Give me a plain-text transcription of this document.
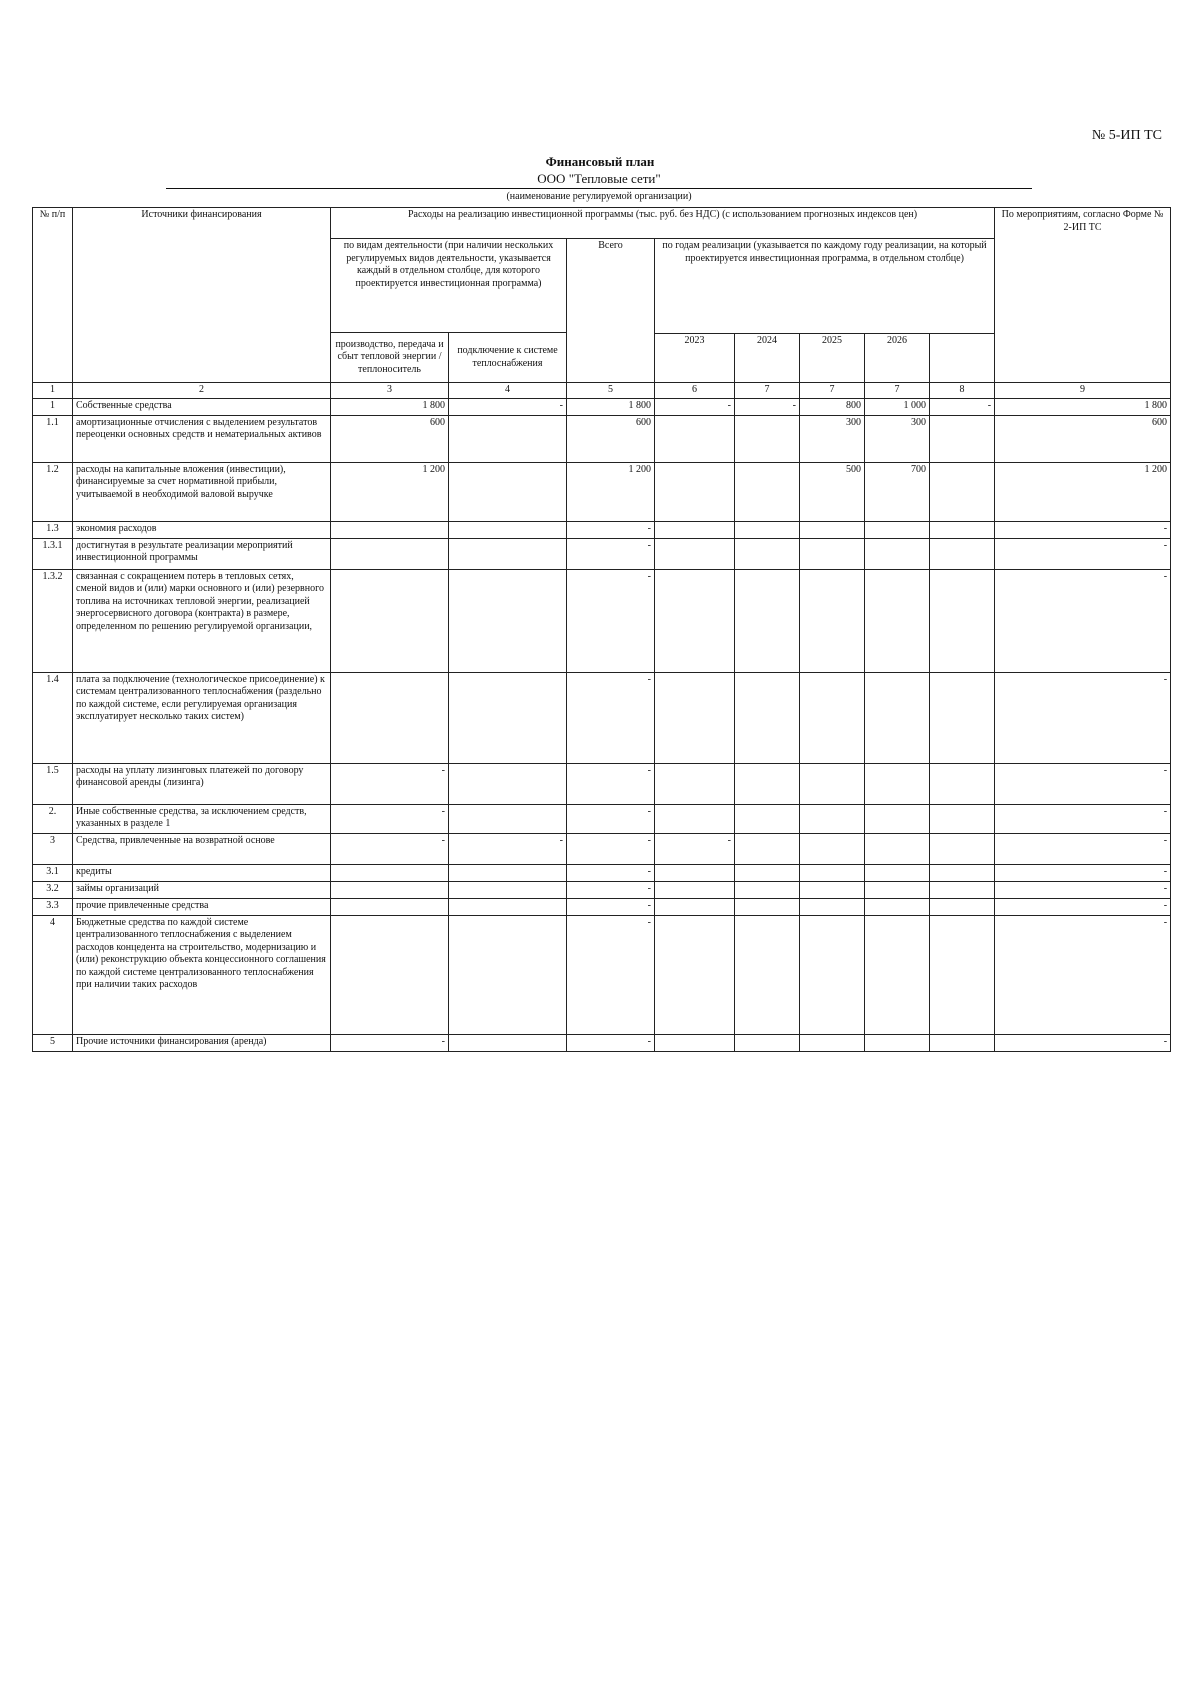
№ 5-ИП ТС
Финансовый план
ООО "Тепловые сети"
(наименование регулируемой организации)
№ п/п	Источники финансирования	Расходы на реализацию инвестиционной программы (тыс. руб. без НДС) (с использованием прогнозных индексов цен)								По мероприятиям, согласно Форме № 2-ИП ТС
		по видам деятельности (при наличии нескольких регулируемых видов деятельности, указывается каждый в отдельном столбце, для которого проектируется инвестиционная программа)		Всего	по годам реализации (указывается по каждому году реализации, на который проектируется инвестиционная программа, в отдельном столбце)					
		производство, передача и сбыт тепловой энергии /теплоноситель	подключение к системе теплоснабжения							
					2023	2024	2025	2026		
1	2	3	4	5	6	7	7	7	8	9
1	Собственные средства	1 800	-	1 800	-	-	800	1 000	-	1 800
1.1	амортизационные отчисления с выделением результатов переоценки основных средств и нематериальных активов	600		600			300	300		600
1.2	расходы на капитальные вложения (инвестиции), финансируемые за счет нормативной прибыли, учитываемой в необходимой валовой выручке	1 200		1 200			500	700		1 200
1.3	экономия расходов			-						-
1.3.1	достигнутая в результате реализации мероприятий инвестиционной программы			-						-
1.3.2	связанная с сокращением потерь в тепловых сетях, сменой видов и (или) марки основного и (или) резервного топлива на источниках тепловой энергии, реализацией энергосервисного договора (контракта) в размере, определенном по решению регулируемой организации,			-						-
1.4	плата за подключение (технологическое присоединение) к системам централизованного теплоснабжения (раздельно по каждой системе, если регулируемая организация эксплуатирует несколько таких систем)			-						-
1.5	расходы на уплату лизинговых платежей по договору финансовой аренды (лизинга)	-		-						-
2.	Иные собственные средства, за исключением средств, указанных в разделе 1	-		-						-
3	Средства, привлеченные на возвратной основе	-	-	-	-					-
3.1	кредиты			-						-
3.2	займы организаций			-						-
3.3	прочие привлеченные средства			-						-
4	Бюджетные средства по каждой системе централизованного теплоснабжения с выделением расходов концедента на строительство, модернизацию и (или) реконструкцию объекта концессионного соглашения по каждой системе централизованного теплоснабжения при наличии таких расходов			-						-
5	Прочие источники финансирования (аренда)	-		-						-
